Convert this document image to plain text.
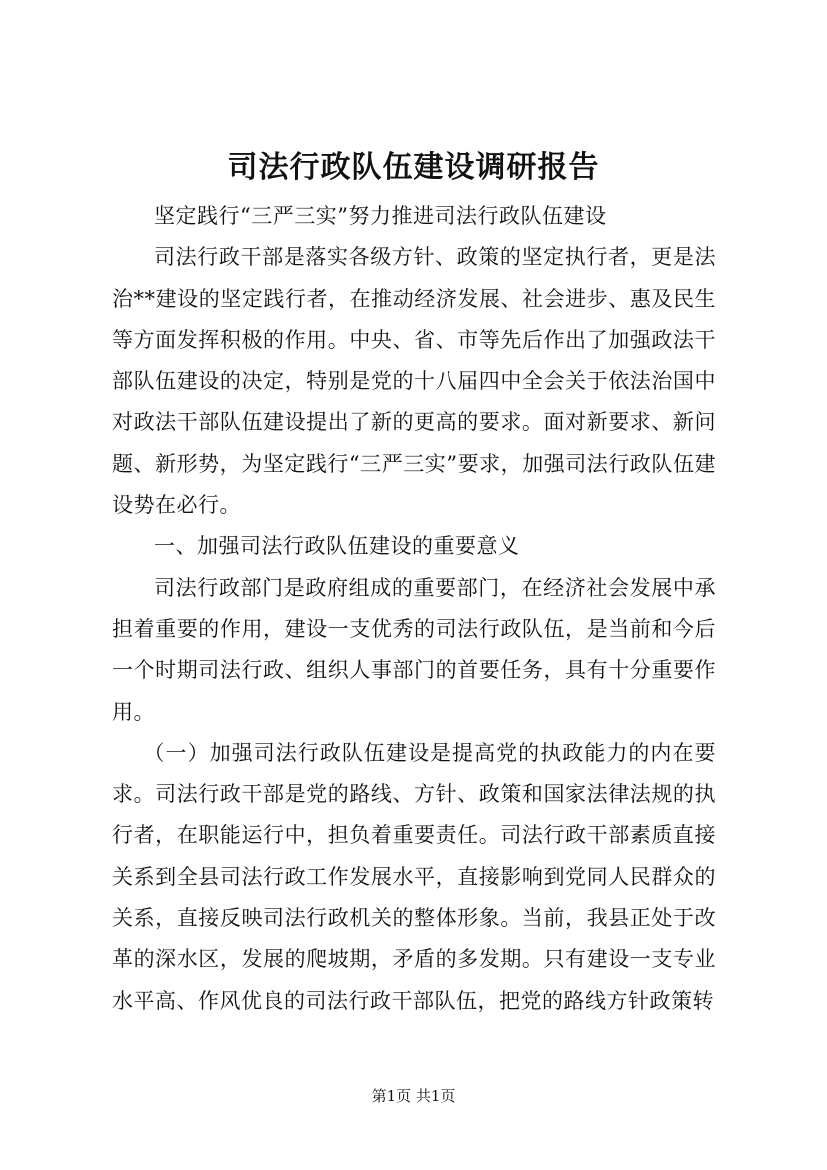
司法行政队伍建设调研报告

坚定践行“三严三实”努力推进司法行政队伍建设

司法行政干部是落实各级方针、政策的坚定执行者，更是法治**建设的坚定践行者，在推动经济发展、社会进步、惠及民生等方面发挥积极的作用。中央、省、市等先后作出了加强政法干部队伍建设的决定，特别是党的十八届四中全会关于依法治国中对政法干部队伍建设提出了新的更高的要求。面对新要求、新问题、新形势，为坚定践行“三严三实”要求，加强司法行政队伍建设势在必行。

一、加强司法行政队伍建设的重要意义

司法行政部门是政府组成的重要部门，在经济社会发展中承担着重要的作用，建设一支优秀的司法行政队伍，是当前和今后一个时期司法行政、组织人事部门的首要任务，具有十分重要作用。

（一）加强司法行政队伍建设是提高党的执政能力的内在要求。司法行政干部是党的路线、方针、政策和国家法律法规的执行者，在职能运行中，担负着重要责任。司法行政干部素质直接关系到全县司法行政工作发展水平，直接影响到党同人民群众的关系，直接反映司法行政机关的整体形象。当前，我县正处于改革的深水区，发展的爬坡期，矛盾的多发期。只有建设一支专业水平高、作风优良的司法行政干部队伍，把党的路线方针政策转

第1页 共1页
